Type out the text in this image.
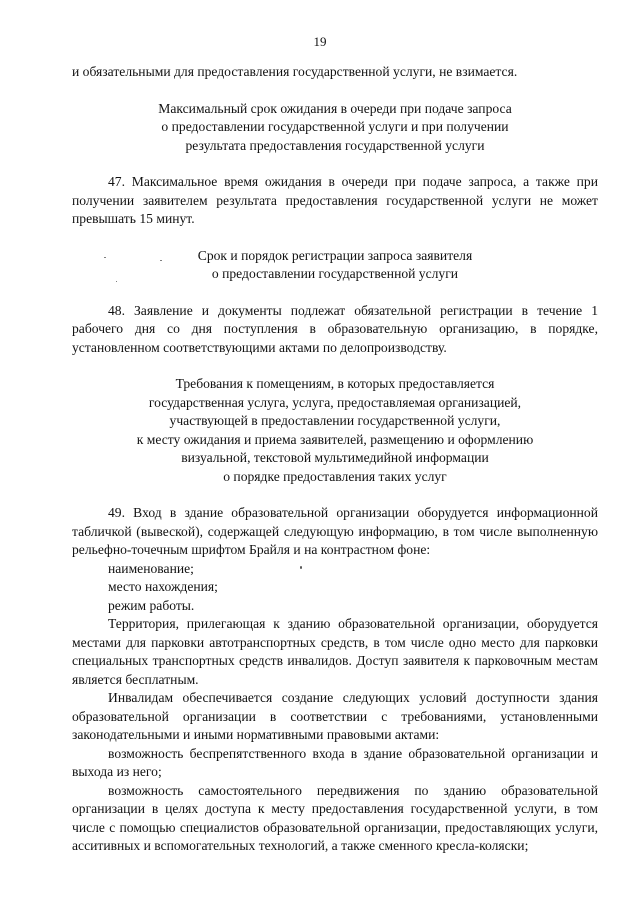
19

и обязательными для предоставления государственной услуги, не взимается.

Максимальный срок ожидания в очереди при подаче запроса
о предоставлении государственной услуги и при получении
результата предоставления государственной услуги

47. Максимальное время ожидания в очереди при подаче запроса, а также при получении заявителем результата предоставления государственной услуги не может превышать 15 минут.

Срок и порядок регистрации запроса заявителя
о предоставлении государственной услуги

48. Заявление и документы подлежат обязательной регистрации в течение 1 рабочего дня со дня поступления в образовательную организацию, в порядке, установленном соответствующими актами по делопроизводству.

Требования к помещениям, в которых предоставляется
государственная услуга, услуга, предоставляемая организацией,
участвующей в предоставлении государственной услуги,
к месту ожидания и приема заявителей, размещению и оформлению
визуальной, текстовой мультимедийной информации
о порядке предоставления таких услуг

49. Вход в здание образовательной организации оборудуется информационной табличкой (вывеской), содержащей следующую информацию, в том числе выполненную рельефно-точечным шрифтом Брайля и на контрастном фоне:

наименование;

место нахождения;

режим работы.

Территория, прилегающая к зданию образовательной организации, оборудуется местами для парковки автотранспортных средств, в том числе одно место для парковки специальных транспортных средств инвалидов. Доступ заявителя к парковочным местам является бесплатным.

Инвалидам обеспечивается создание следующих условий доступности здания образовательной организации в соответствии с требованиями, установленными законодательными и иными нормативными правовыми актами:

возможность беспрепятственного входа в здание образовательной организации и выхода из него;

возможность самостоятельного передвижения по зданию образовательной организации в целях доступа к месту предоставления государственной услуги, в том числе с помощью специалистов образовательной организации, предоставляющих услуги, асситивных и вспомогательных технологий, а также сменного кресла-коляски;
